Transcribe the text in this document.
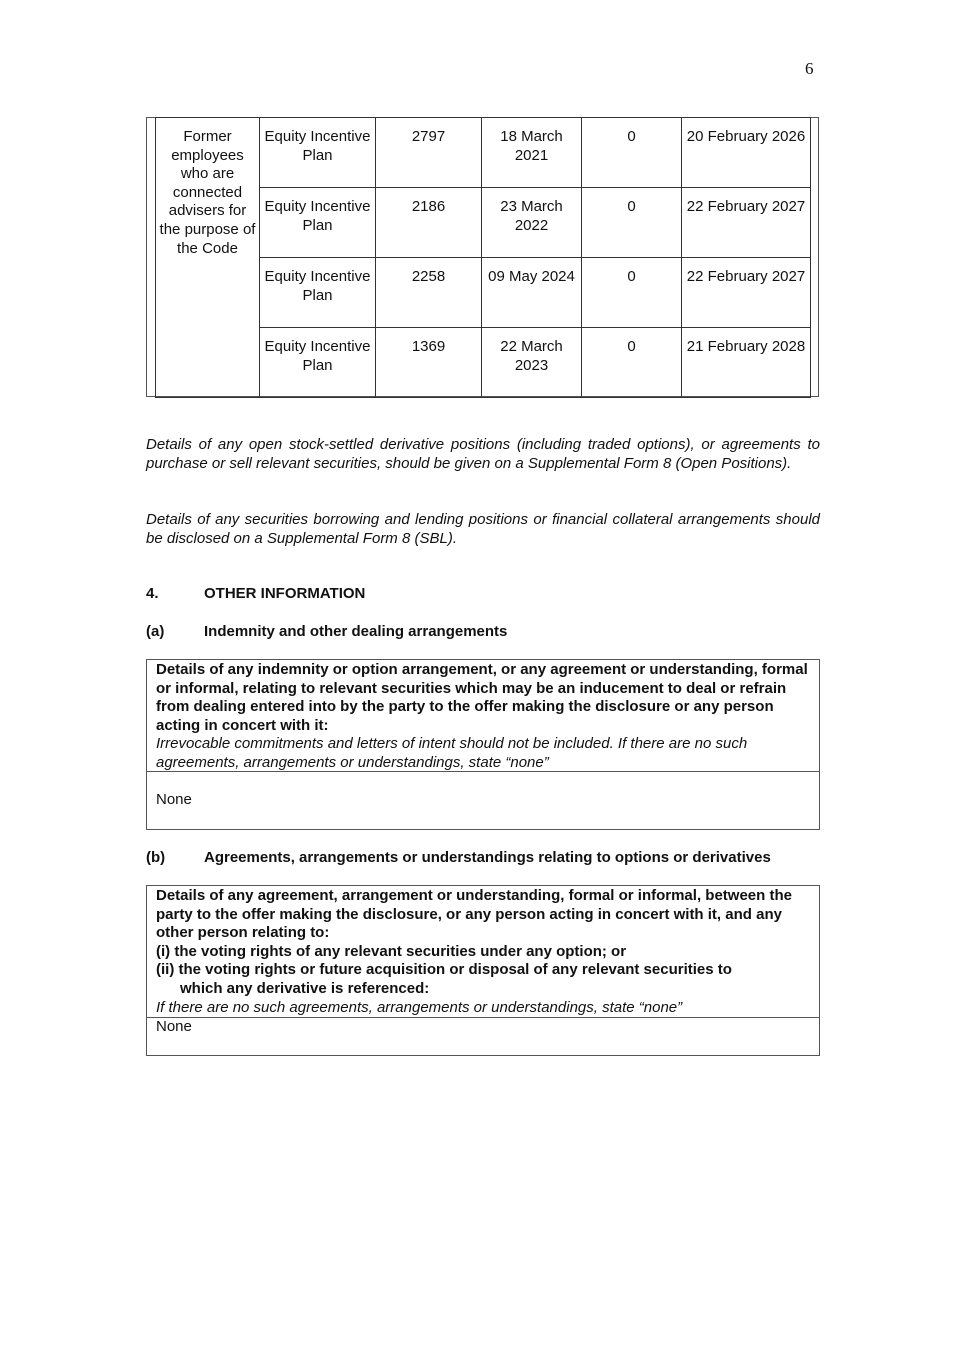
6
Former employees who are connected advisers for the purpose of the Code	Equity Incentive Plan	2797	18 March 2021	0	20 February 2026
	Equity Incentive Plan	2186	23 March 2022	0	22 February 2027
	Equity Incentive Plan	2258	09 May 2024	0	22 February 2027
	Equity Incentive Plan	1369	22 March 2023	0	21 February 2028
Details of any open stock-settled derivative positions (including traded options), or agreements to purchase or sell relevant securities, should be given on a Supplemental Form 8 (Open Positions).
Details of any securities borrowing and lending positions or financial collateral arrangements should be disclosed on a Supplemental Form 8 (SBL).
4.	OTHER INFORMATION
(a)	Indemnity and other dealing arrangements
Details of any indemnity or option arrangement, or any agreement or understanding, formal or informal, relating to relevant securities which may be an inducement to deal or refrain from dealing entered into by the party to the offer making the disclosure or any person acting in concert with it:
Irrevocable commitments and letters of intent should not be included. If there are no such agreements, arrangements or understandings, state “none”
None
(b)	Agreements, arrangements or understandings relating to options or derivatives
Details of any agreement, arrangement or understanding, formal or informal, between the party to the offer making the disclosure, or any person acting in concert with it, and any other person relating to:
(i) the voting rights of any relevant securities under any option; or
(ii) the voting rights or future acquisition or disposal of any relevant securities to
which any derivative is referenced:
If there are no such agreements, arrangements or understandings, state “none”
None
